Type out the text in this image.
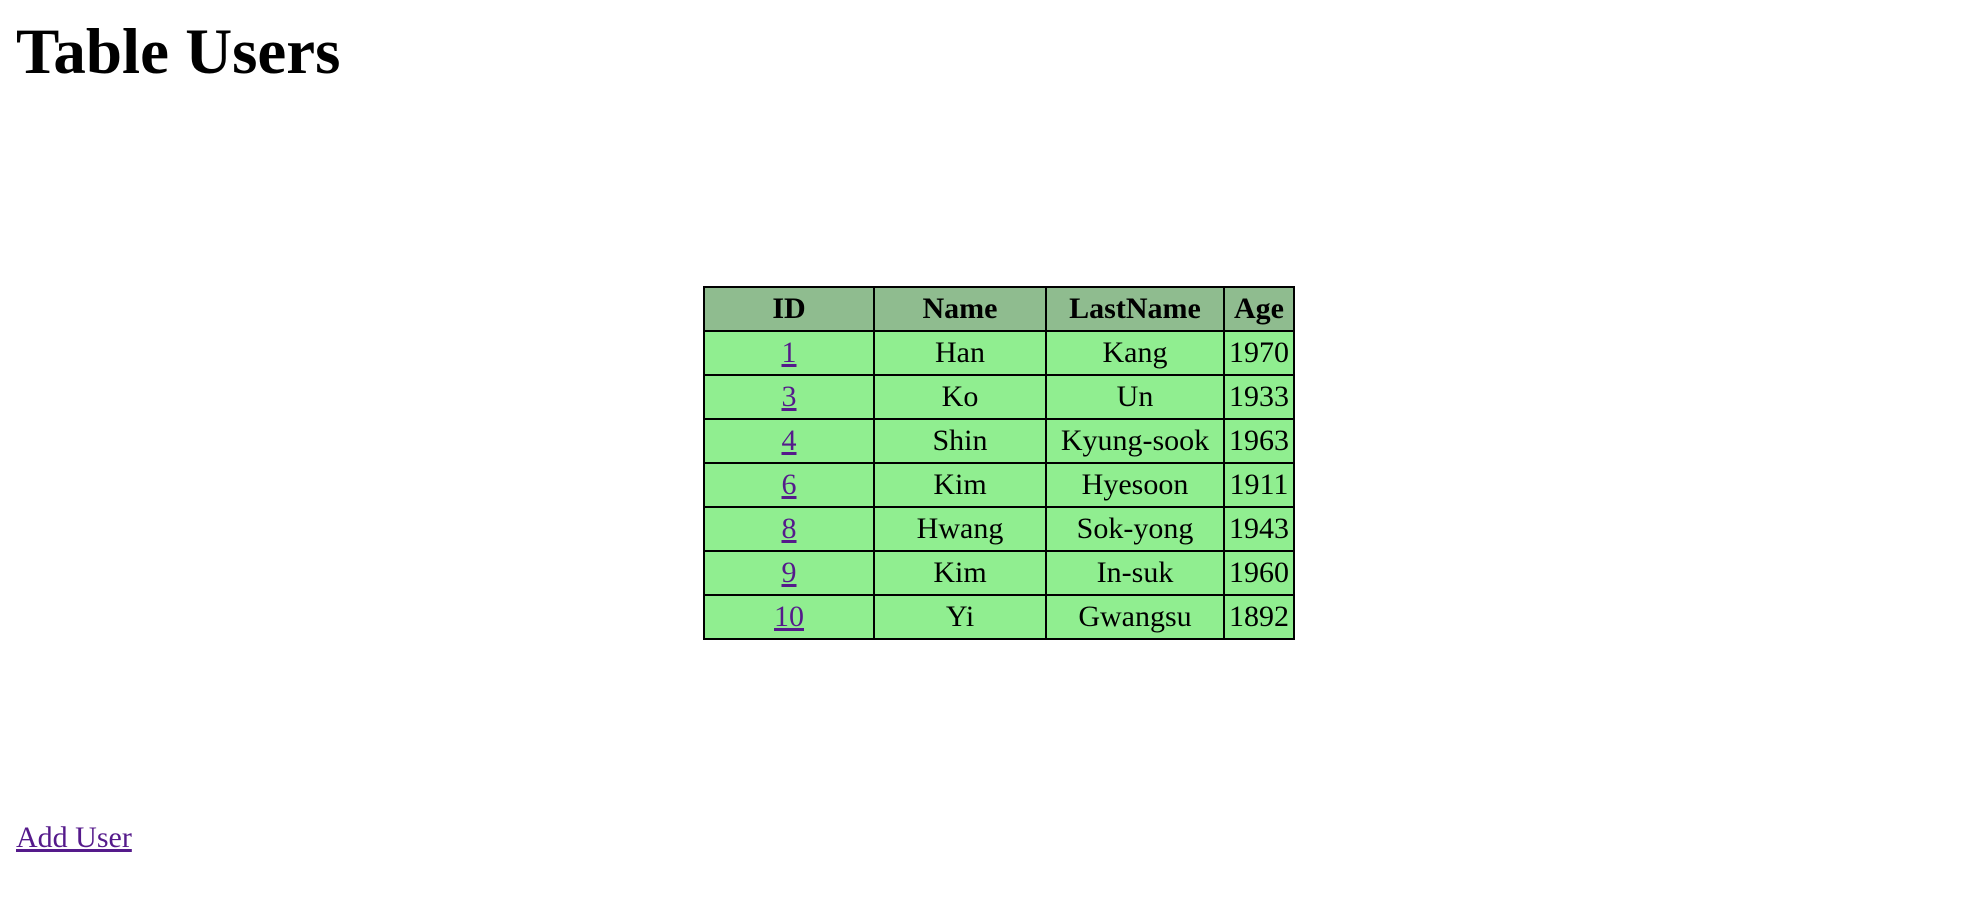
Table Users
ID	Name	LastName	Age
1	Han	Kang	1970
3	Ko	Un	1933
4	Shin	Kyung-sook	1963
6	Kim	Hyesoon	1911
8	Hwang	Sok-yong	1943
9	Kim	In-suk	1960
10	Yi	Gwangsu	1892
Add User
